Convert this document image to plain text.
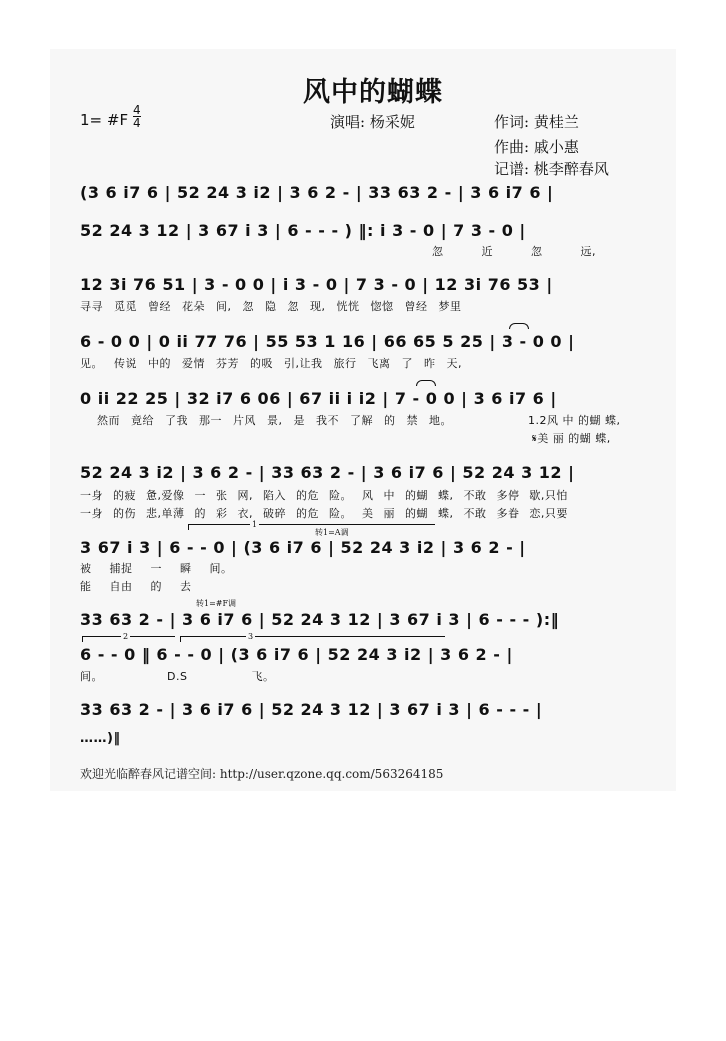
风中的蝴蝶
1= #F
4
4	演唱: 杨采妮	作词: 黄桂兰
作曲: 戚小惠
记谱: 桃李醉春风
(3 6 i7 6 | 52 24 3 i2 | 3 6 2 - | 33 63 2 - | 3 6 i7 6 |
52 24 3 12 | 3 67 i 3 | 6 - - - ) ‖: i 3 - 0 | 7 3 - 0 |
忽 近 忽 远,
12 3i 76 51 | 3 - 0 0 | i 3 - 0 | 7 3 - 0 | 12 3i 76 53 |
寻寻 觅觅 曾经 花朵 间, 忽 隐 忽 现, 恍恍 惚惚 曾经 梦里
6 - 0 0 | 0 ii 77 76 | 55 53 1 16 | 66 65 5 25 | 3 - 0 0 |
见。 传说 中的 爱情 芬芳 的吸 引,让我 旅行 飞离 了 昨 天,
0 ii 22 25 | 32 i7 6 06 | 67 ii i i2 | 7 - 0 0 | 3 6 i7 6 |
然而 竟给 了我 那一 片风 景, 是 我不 了解 的 禁 地。	1.2风 中 的蝴 蝶,
𝄋美 丽 的蝴 蝶,
52 24 3 i2 | 3 6 2 - | 33 63 2 - | 3 6 i7 6 | 52 24 3 12 |
一身 的疲 惫,爱像 一 张 网, 陷入 的危 险。 风 中 的蝴 蝶, 不敢 多停 歇,只怕
一身 的伤 悲,单薄 的 彩 衣, 破碎 的危 险。 美 丽 的蝴 蝶, 不敢 多眷 恋,只要
1
转1=A调
3 67 i 3 | 6 - - 0 | (3 6 i7 6 | 52 24 3 i2 | 3 6 2 - |
被 捕捉 一 瞬 间。
能 自由 的 去
转1=#F调
33 63 2 - | 3 6 i7 6 | 52 24 3 12 | 3 67 i 3 | 6 - - - ):‖
2	3
6 - - 0 ‖ 6 - - 0 | (3 6 i7 6 | 52 24 3 i2 | 3 6 2 - |
间。 D.S 飞。
33 63 2 - | 3 6 i7 6 | 52 24 3 12 | 3 67 i 3 | 6 - - - |
……)‖
欢迎光临醉春风记谱空间: http://user.qzone.qq.com/563264185
